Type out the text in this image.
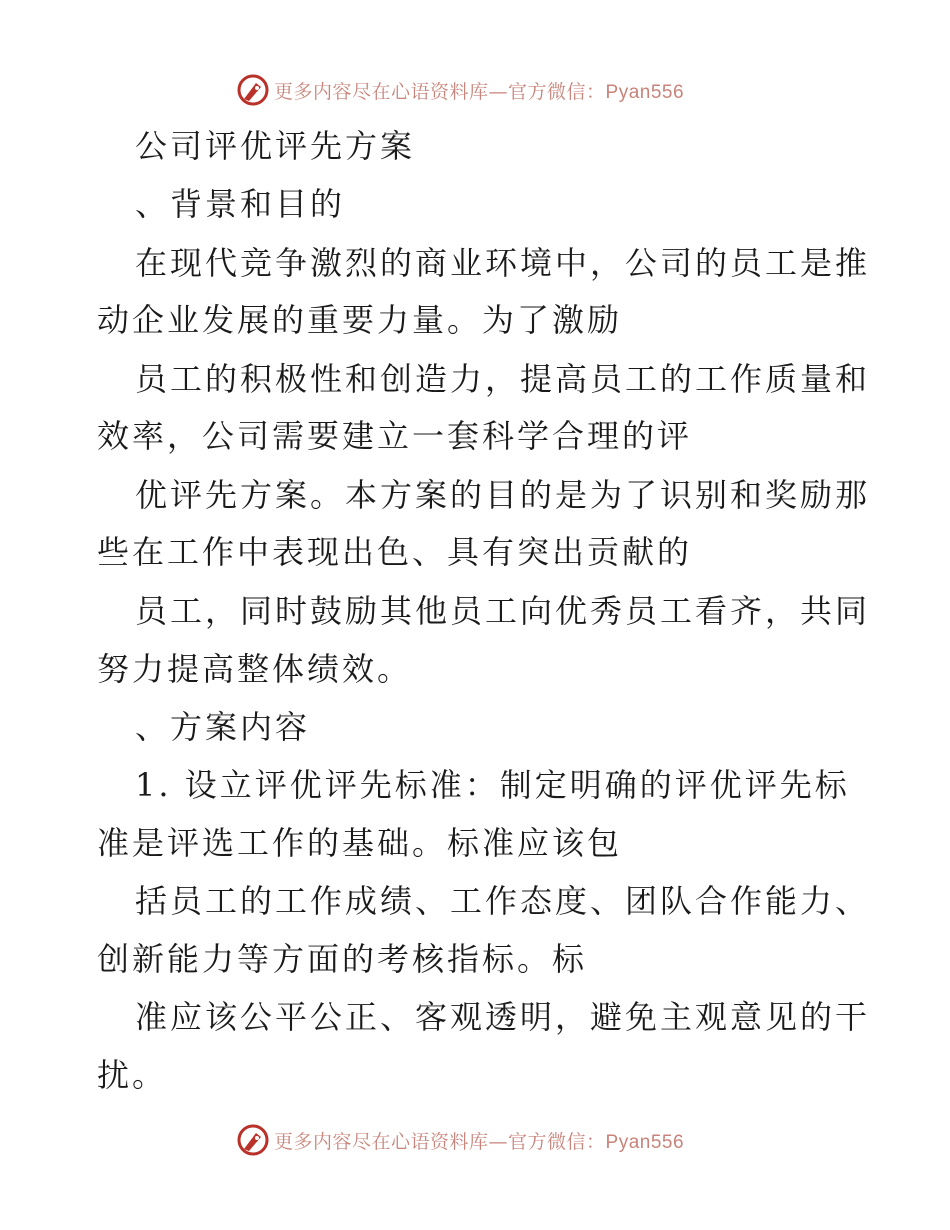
更多内容尽在心语资料库—官方微信：Pyan556
公司评优评先方案
、背景和目的
在现代竞争激烈的商业环境中，公司的员工是推
动企业发展的重要力量。为了激励
员工的积极性和创造力，提高员工的工作质量和
效率，公司需要建立一套科学合理的评
优评先方案。本方案的目的是为了识别和奖励那
些在工作中表现出色、具有突出贡献的
员工，同时鼓励其他员工向优秀员工看齐，共同
努力提高整体绩效。
、方案内容
1. 设立评优评先标准：制定明确的评优评先标
准是评选工作的基础。标准应该包
括员工的工作成绩、工作态度、团队合作能力、
创新能力等方面的考核指标。标
准应该公平公正、客观透明，避免主观意见的干
扰。
更多内容尽在心语资料库—官方微信：Pyan556
